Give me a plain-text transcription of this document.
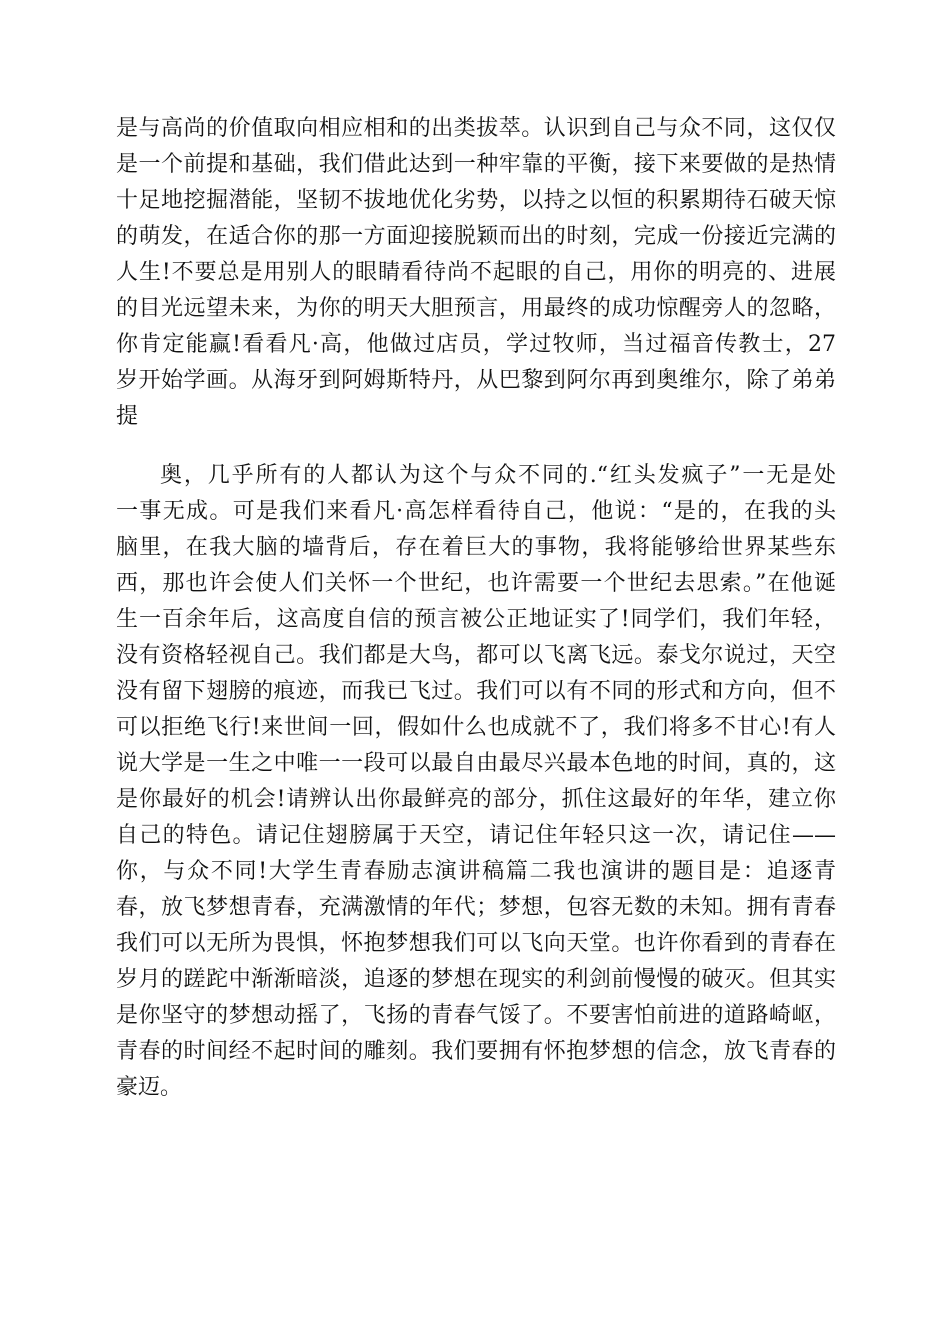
是与高尚的价值取向相应相和的出类拔萃。认识到自己与众不同，这仅仅
是一个前提和基础，我们借此达到一种牢靠的平衡，接下来要做的是热情
十足地挖掘潜能，坚韧不拔地优化劣势，以持之以恒的积累期待石破天惊
的萌发，在适合你的那一方面迎接脱颖而出的时刻，完成一份接近完满的
人生!不要总是用别人的眼睛看待尚不起眼的自己，用你的明亮的、进展
的目光远望未来，为你的明天大胆预言，用最终的成功惊醒旁人的忽略，
你肯定能赢!看看凡·高，他做过店员，学过牧师，当过福音传教士，27
岁开始学画。从海牙到阿姆斯特丹，从巴黎到阿尔再到奥维尔，除了弟弟
提
奥，几乎所有的人都认为这个与众不同的.“红头发疯子”一无是处
一事无成。可是我们来看凡·高怎样看待自己，他说：“是的，在我的头
脑里，在我大脑的墙背后，存在着巨大的事物，我将能够给世界某些东
西，那也许会使人们关怀一个世纪，也许需要一个世纪去思索。”在他诞
生一百余年后，这高度自信的预言被公正地证实了!同学们，我们年轻，
没有资格轻视自己。我们都是大鸟，都可以飞离飞远。泰戈尔说过，天空
没有留下翅膀的痕迹，而我已飞过。我们可以有不同的形式和方向，但不
可以拒绝飞行!来世间一回，假如什么也成就不了，我们将多不甘心!有人
说大学是一生之中唯一一段可以最自由最尽兴最本色地的时间，真的，这
是你最好的机会!请辨认出你最鲜亮的部分，抓住这最好的年华，建立你
自己的特色。请记住翅膀属于天空，请记住年轻只这一次，请记住——
你，与众不同!大学生青春励志演讲稿篇二我也演讲的题目是：追逐青
春，放飞梦想青春，充满激情的年代；梦想，包容无数的未知。拥有青春
我们可以无所为畏惧，怀抱梦想我们可以飞向天堂。也许你看到的青春在
岁月的蹉跎中渐渐暗淡，追逐的梦想在现实的利剑前慢慢的破灭。但其实
是你坚守的梦想动摇了，飞扬的青春气馁了。不要害怕前进的道路崎岖，
青春的时间经不起时间的雕刻。我们要拥有怀抱梦想的信念，放飞青春的
豪迈。
